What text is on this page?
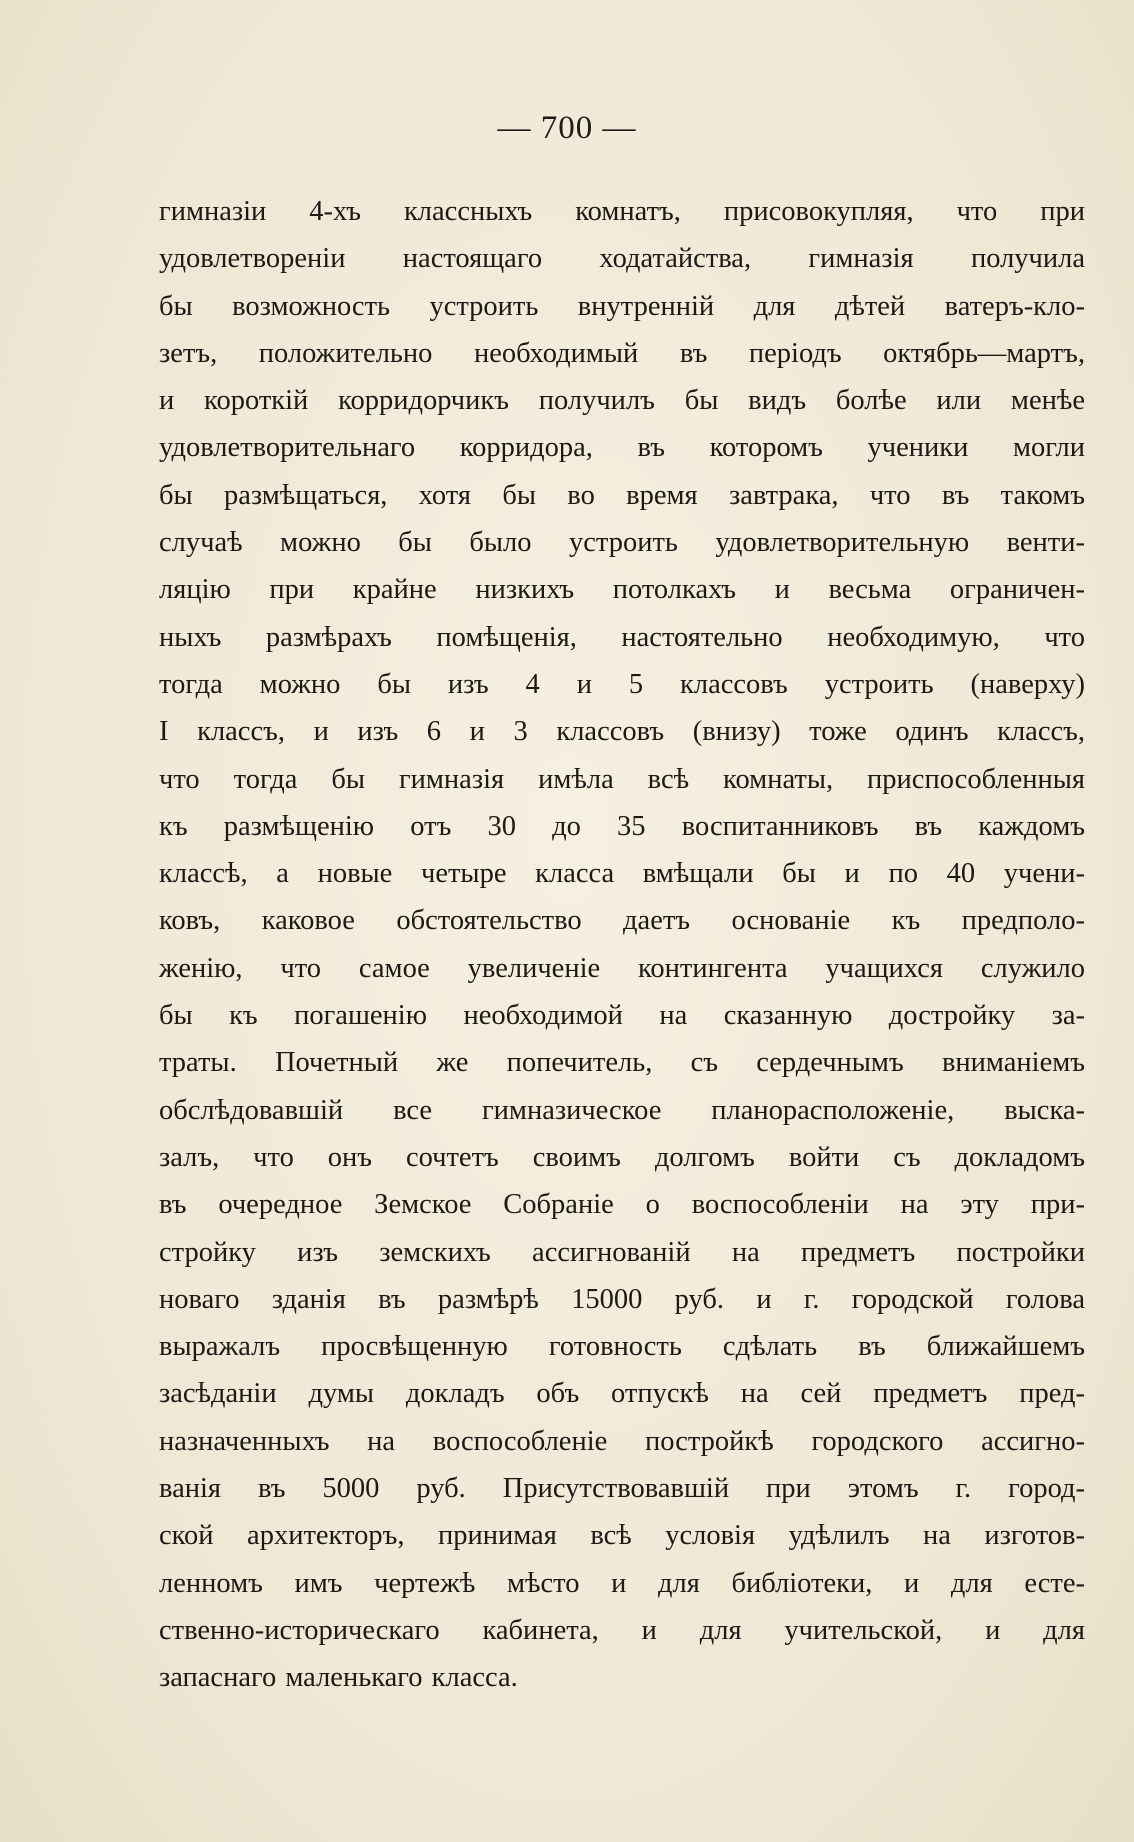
— 700 —
гимназіи 4-хъ классныхъ комнатъ, присовокупляя, что при
удовлетвореніи настоящаго ходатайства, гимназія получила
бы возможность устроить внутренній для дѣтей ватеръ-кло-
зетъ, положительно необходимый въ періодъ октябрь—мартъ,
и короткій корридорчикъ получилъ бы видъ болѣе или менѣе
удовлетворительнаго корридора, въ которомъ ученики могли
бы размѣщаться, хотя бы во время завтрака, что въ такомъ
случаѣ можно бы было устроить удовлетворительную венти-
ляцію при крайне низкихъ потолкахъ и весьма ограничен-
ныхъ размѣрахъ помѣщенія, настоятельно необходимую, что
тогда можно бы изъ 4 и 5 классовъ устроить (наверху)
I классъ, и изъ 6 и 3 классовъ (внизу) тоже одинъ классъ,
что тогда бы гимназія имѣла всѣ комнаты, приспособленныя
къ размѣщенію отъ 30 до 35 воспитанниковъ въ каждомъ
классѣ, а новые четыре класса вмѣщали бы и по 40 учени-
ковъ, каковое обстоятельство даетъ основаніе къ предполо-
женію, что самое увеличеніе контингента учащихся служило
бы къ погашенію необходимой на сказанную достройку за-
траты. Почетный же попечитель, съ сердечнымъ вниманіемъ
обслѣдовавшій все гимназическое планорасположеніе, выска-
залъ, что онъ сочтетъ своимъ долгомъ войти съ докладомъ
въ очередное Земское Собраніе о воспособленіи на эту при-
стройку изъ земскихъ ассигнованій на предметъ постройки
новаго зданія въ размѣрѣ 15000 руб. и г. городской голова
выражалъ просвѣщенную готовность сдѣлать въ ближайшемъ
засѣданіи думы докладъ объ отпускѣ на сей предметъ пред-
назначенныхъ на воспособленіе постройкѣ городского ассигно-
ванія въ 5000 руб. Присутствовавшій при этомъ г. город-
ской архитекторъ, принимая всѣ условія удѣлилъ на изготов-
ленномъ имъ чертежѣ мѣсто и для библіотеки, и для есте-
ственно-историческаго кабинета, и для учительской, и для
запаснаго маленькаго класса.
